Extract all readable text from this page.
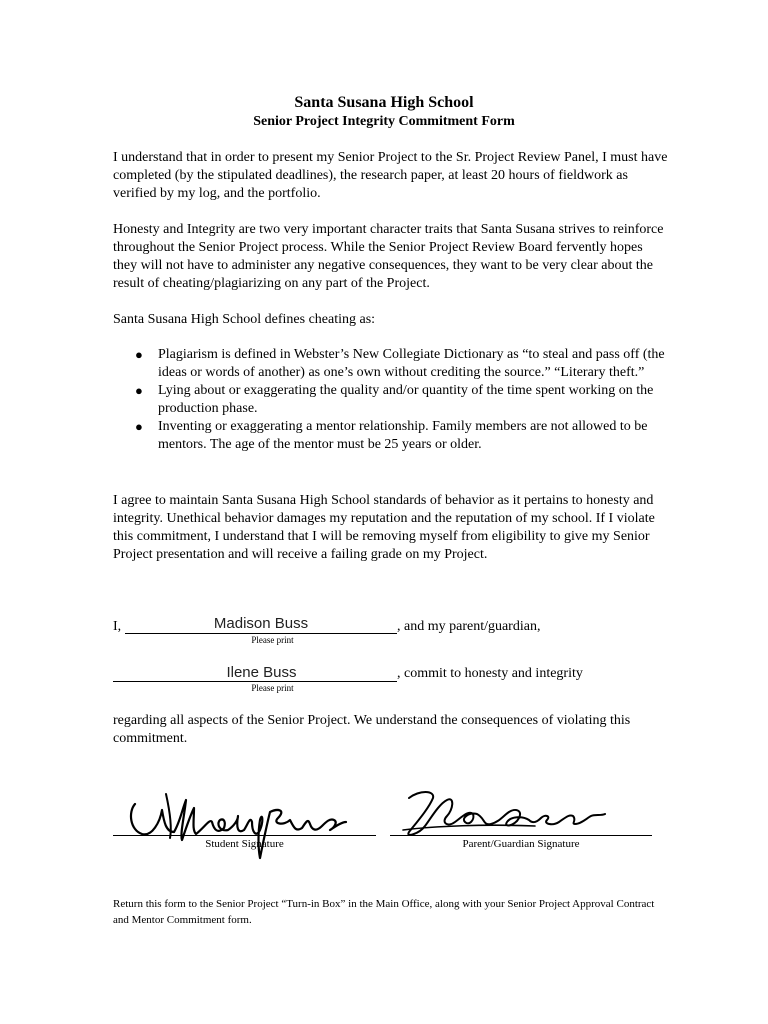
Santa Susana High School
Senior Project Integrity Commitment Form

I understand that in order to present my Senior Project to the Sr. Project Review Panel, I must have completed (by the stipulated deadlines), the research paper, at least 20 hours of fieldwork as verified by my log, and the portfolio.

Honesty and Integrity are two very important character traits that Santa Susana strives to reinforce throughout the Senior Project process. While the Senior Project Review Board fervently hopes they will not have to administer any negative consequences, they want to be very clear about the result of cheating/plagiarizing on any part of the Project.

Santa Susana High School defines cheating as:

● Plagiarism is defined in Webster’s New Collegiate Dictionary as “to steal and pass off (the ideas or words of another) as one’s own without crediting the source.” “Literary theft.”
● Lying about or exaggerating the quality and/or quantity of the time spent working on the production phase.
● Inventing or exaggerating a mentor relationship. Family members are not allowed to be mentors. The age of the mentor must be 25 years or older.

I agree to maintain Santa Susana High School standards of behavior as it pertains to honesty and integrity. Unethical behavior damages my reputation and the reputation of my school. If I violate this commitment, I understand that I will be removing myself from eligibility to give my Senior Project presentation and will receive a failing grade on my Project.

I,	Madison Buss	, and my parent/guardian,
Please print
Ilene Buss	, commit to honesty and integrity
Please print

regarding all aspects of the Senior Project. We understand the consequences of violating this commitment.

Student Signature	Parent/Guardian Signature

Return this form to the Senior Project “Turn-in Box” in the Main Office, along with your Senior Project Approval Contract and Mentor Commitment form.
